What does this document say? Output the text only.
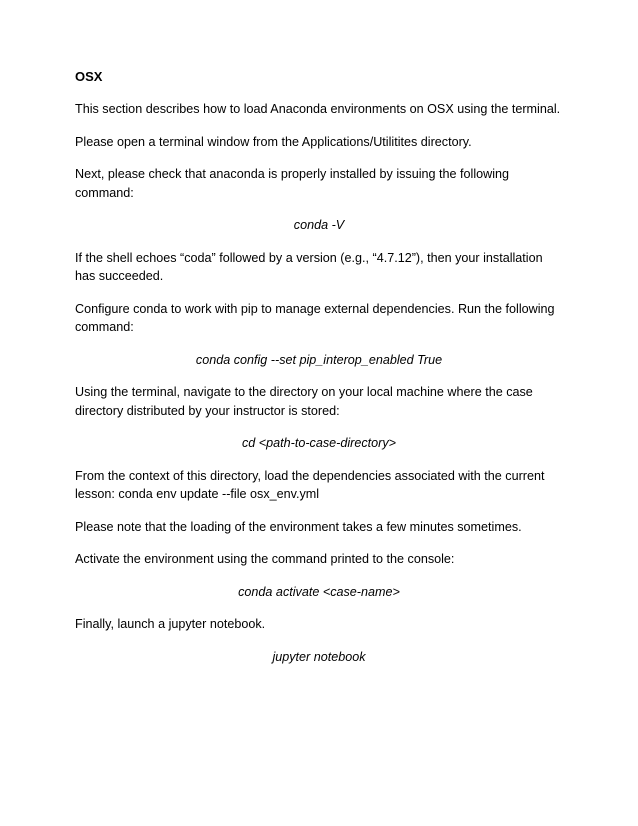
OSX

This section describes how to load Anaconda environments on OSX using the terminal.

Please open a terminal window from the Applications/Utilitites directory.

Next, please check that anaconda is properly installed by issuing the following command:

conda -V

If the shell echoes “coda” followed by a version (e.g., “4.7.12”), then your installation has succeeded.

Configure conda to work with pip to manage external dependencies. Run the following command:

conda config --set pip_interop_enabled True

Using the terminal, navigate to the directory on your local machine where the case directory distributed by your instructor is stored:

cd <path-to-case-directory>

From the context of this directory, load the dependencies associated with the current lesson: conda env update --file osx_env.yml

Please note that the loading of the environment takes a few minutes sometimes.

Activate the environment using the command printed to the console:

conda activate <case-name>

Finally, launch a jupyter notebook.

jupyter notebook
